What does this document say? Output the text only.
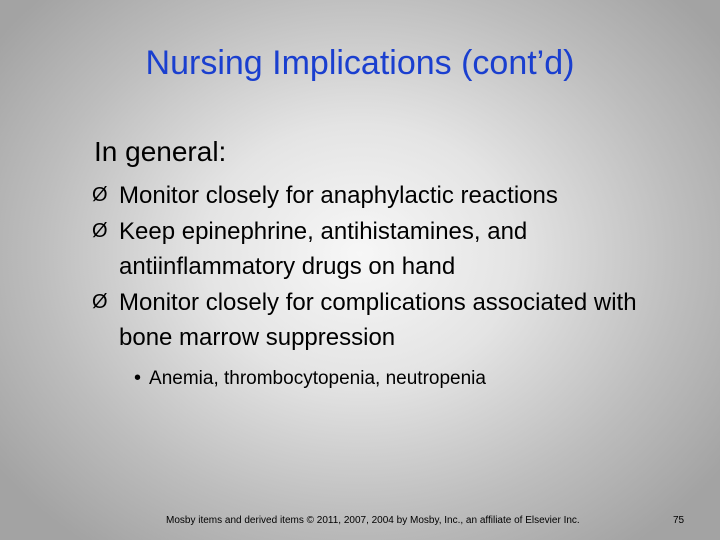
Nursing Implications (cont’d)
In general:
Ø Monitor closely for anaphylactic reactions
Ø Keep epinephrine, antihistamines, and antiinflammatory drugs on hand
Ø Monitor closely for complications associated with bone marrow suppression
• Anemia, thrombocytopenia, neutropenia
Mosby items and derived items © 2011, 2007, 2004 by Mosby, Inc., an affiliate of Elsevier Inc.	75
